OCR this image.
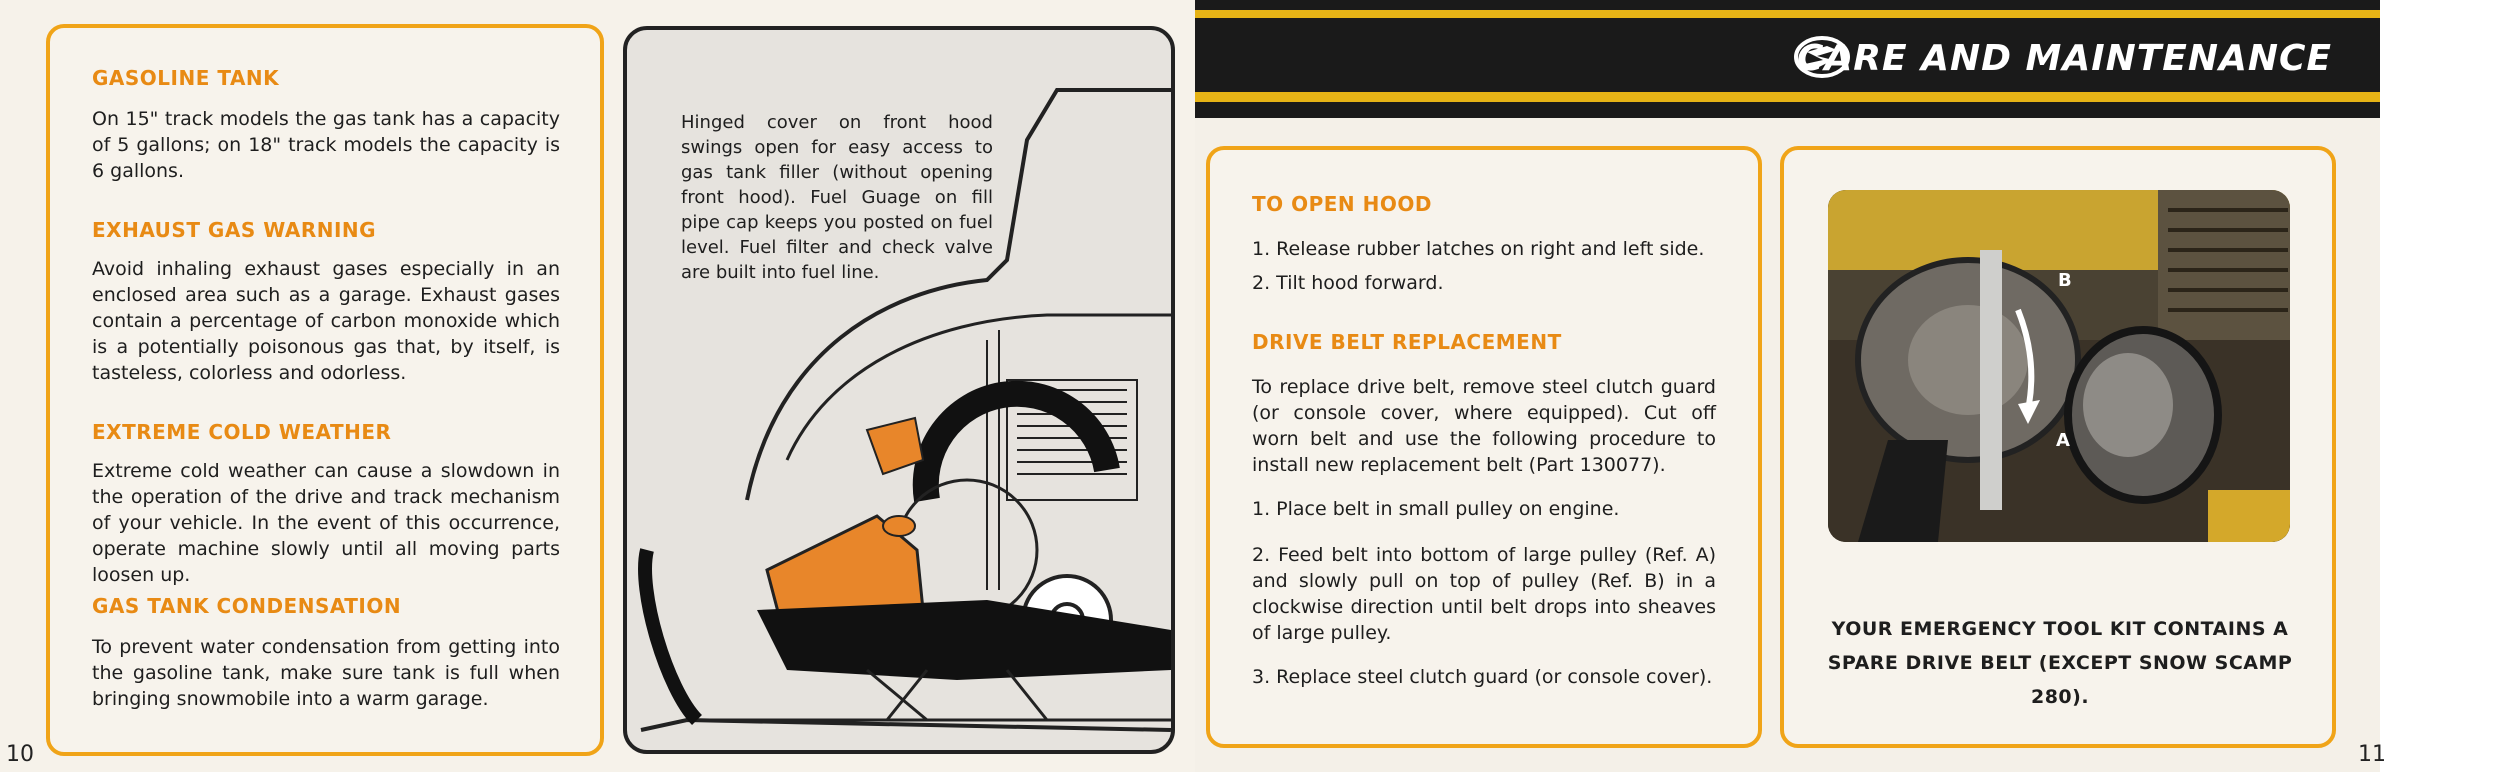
GASOLINE TANK
On 15" track models the gas tank has a capacity of 5 gallons; on 18" track models the capacity is 6 gallons.
EXHAUST GAS WARNING
Avoid inhaling exhaust gases especially in an enclosed area such as a garage. Exhaust gases contain a percentage of carbon monoxide which is a potentially poisonous gas that, by itself, is tasteless, colorless and odorless.
EXTREME COLD WEATHER
Extreme cold weather can cause a slowdown in the operation of the drive and track mechanism of your vehicle. In the event of this occurrence, operate machine slowly until all moving parts loosen up.
GAS TANK CONDENSATION
To prevent water condensation from getting into the gasoline tank, make sure tank is full when bringing snowmobile into a warm garage.
10
Hinged cover on front hood swings open for easy access to gas tank filler (without opening front hood). Fuel Guage on fill pipe cap keeps you posted on fuel level. Fuel filter and check valve are built into fuel line.
CARE AND MAINTENANCE
TO OPEN HOOD
1. Release rubber latches on right and left side.
2. Tilt hood forward.
DRIVE BELT REPLACEMENT
To replace drive belt, remove steel clutch guard (or console cover, where equipped). Cut off worn belt and use the following procedure to install new replacement belt (Part 130077).
1. Place belt in small pulley on engine.
2. Feed belt into bottom of large pulley (Ref. A) and slowly pull on top of pulley (Ref. B) in a clockwise direction until belt drops into sheaves of large pulley.
3. Replace steel clutch guard (or console cover).
B
A
YOUR EMERGENCY TOOL KIT CONTAINS A SPARE DRIVE BELT (EXCEPT SNOW SCAMP 280).
11
